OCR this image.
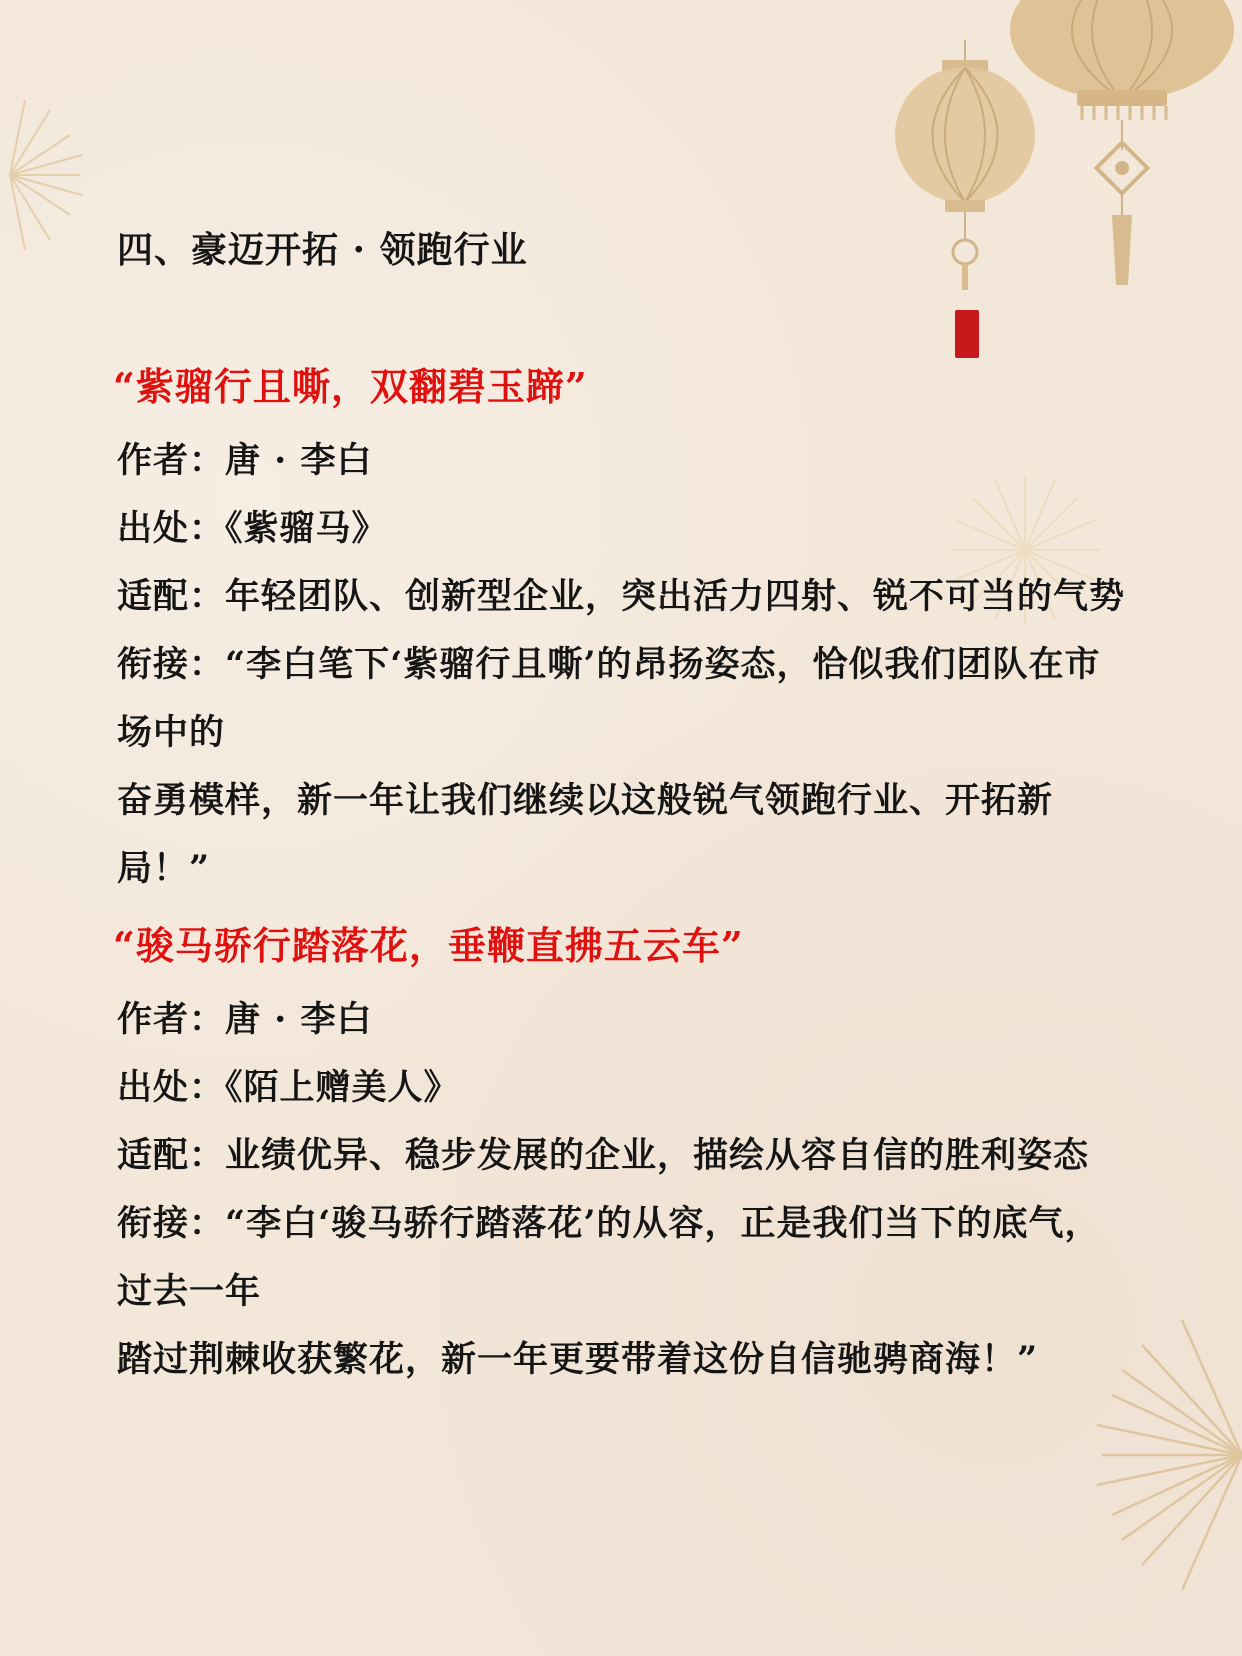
四、豪迈开拓 · 领跑行业

“紫骝行且嘶，双翻碧玉蹄”

作者：唐 · 李白

出处：《紫骝马》

适配：年轻团队、创新型企业，突出活力四射、锐不可当的气势

衔接：“李白笔下‘紫骝行且嘶’的昂扬姿态，恰似我们团队在市场中的

奋勇模样，新一年让我们继续以这般锐气领跑行业、开拓新局！”

“骏马骄行踏落花，垂鞭直拂五云车”

作者：唐 · 李白

出处：《陌上赠美人》

适配：业绩优异、稳步发展的企业，描绘从容自信的胜利姿态

衔接：“李白‘骏马骄行踏落花’的从容，正是我们当下的底气，过去一年

踏过荆棘收获繁花，新一年更要带着这份自信驰骋商海！”
